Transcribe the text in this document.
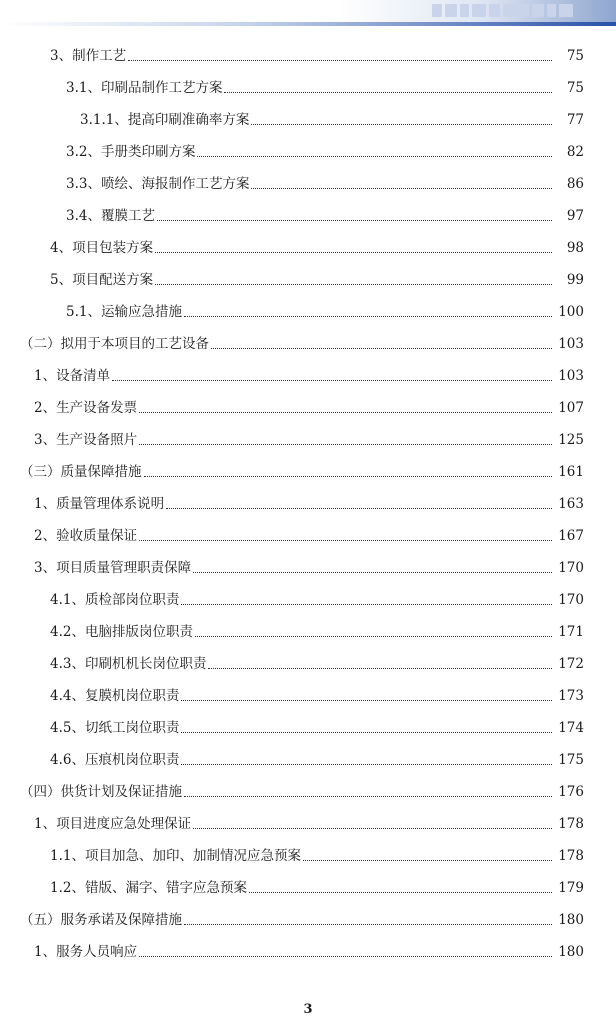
3、制作工艺	75
3.1、印刷品制作工艺方案	75
3.1.1、提高印刷准确率方案	77
3.2、手册类印刷方案	82
3.3、喷绘、海报制作工艺方案	86
3.4、覆膜工艺	97
4、项目包装方案	98
5、项目配送方案	99
5.1、运输应急措施	100
（二）拟用于本项目的工艺设备	103
1、设备清单	103
2、生产设备发票	107
3、生产设备照片	125
（三）质量保障措施	161
1、质量管理体系说明	163
2、验收质量保证	167
3、项目质量管理职责保障	170
4.1、质检部岗位职责	170
4.2、电脑排版岗位职责	171
4.3、印刷机机长岗位职责	172
4.4、复膜机岗位职责	173
4.5、切纸工岗位职责	174
4.6、压痕机岗位职责	175
（四）供货计划及保证措施	176
1、项目进度应急处理保证	178
1.1、项目加急、加印、加制情况应急预案	178
1.2、错版、漏字、错字应急预案	179
（五）服务承诺及保障措施	180
1、服务人员响应	180
3
